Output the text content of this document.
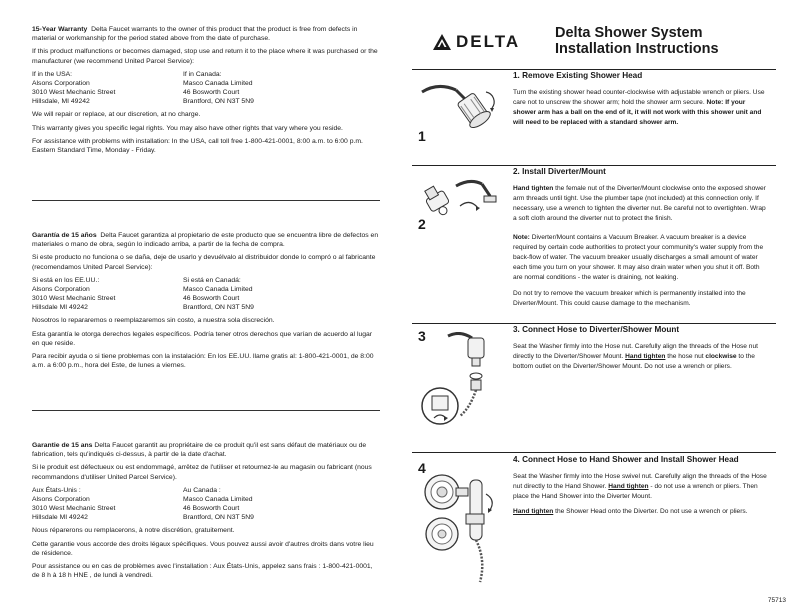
15-Year Warranty Delta Faucet warrants to the owner of this product that the product is free from defects in material or workmanship for the period stated above from the date of purchase.

If this product malfunctions or becomes damaged, stop use and return it to the place where it was purchased or the manufacturer (we recommend United Parcel Service):

If in the USA:
Alsons Corporation
3010 West Mechanic Street
Hillsdale, MI 49242
If in Canada:
Masco Canada Limited
46 Bosworth Court
Brantford, ON N3T 5N9

We will repair or replace, at our discretion, at no charge.

This warranty gives you specific legal rights. You may also have other rights that vary where you reside.

For assistance with problems with installation: In the USA, call toll free 1-800-421-0001, 8:00 a.m. to 6:00 p.m. Eastern Standard Time, Monday - Friday.

Garantía de 15 años Delta Faucet garantiza al propietario de este producto que se encuentra libre de defectos en materiales o mano de obra, según lo indicado arriba, a partir de la fecha de compra.

Si este producto no funciona o se daña, deje de usarlo y devuélvalo al distribuidor donde lo compró o al fabricante (recomendamos United Parcel Service):

Si está en los EE.UU.:
Alsons Corporation
3010 West Mechanic Street
Hillsdale MI 49242
Si está en Canadá:
Masco Canada Limited
46 Bosworth Court
Brantford, ON N3T 5N9

Nosotros lo repararemos o reemplazaremos sin costo, a nuestra sola discreción.

Esta garantía le otorga derechos legales específicos. Podría tener otros derechos que varían de acuerdo al lugar en que reside.

Para recibir ayuda o si tiene problemas con la instalación: En los EE.UU. llame gratis al: 1-800-421-0001, de 8:00 a.m. a 6:00 p.m., hora del Este, de lunes a viernes.

Garantie de 15 ans Delta Faucet garantit au propriétaire de ce produit qu'il est sans défaut de matériaux ou de fabrication, tels qu'indiqués ci-dessus, à partir de la date d'achat.

Si le produit est défectueux ou est endommagé, arrêtez de l'utiliser et retournez-le au magasin ou fabricant (nous recommandons d'utiliser United Parcel Service).

Aux États-Unis :
Alsons Corporation
3010 West Mechanic Street
Hillsdale MI 49242
Au Canada :
Masco Canada Limited
46 Bosworth Court
Brantford, ON N3T 5N9

Nous réparerons ou remplacerons, à notre discrétion, gratuitement.

Cette garantie vous accorde des droits légaux spécifiques. Vous pouvez aussi avoir d'autres droits dans votre lieu de résidence.

Pour assistance ou en cas de problèmes avec l'installation : Aux États-Unis, appelez sans frais : 1-800-421-0001, de 8 h à 18 h HNE , de lundi à vendredi.

DELTA Delta Shower System
Installation Instructions
1
1. Remove Existing Shower Head

Turn the existing shower head counter-clockwise with adjustable wrench or pliers. Use care not to unscrew the shower arm; hold the shower arm secure. Note: If your shower arm has a ball on the end of it, it will not work with this shower unit and will need to be replaced with a standard shower arm.

2
2. Install Diverter/Mount

Hand tighten the female nut of the Diverter/Mount clockwise onto the exposed shower arm threads until tight. Use the plumber tape (not included) at this connection only. If necessary, use a wrench to tighten the diverter nut. Be careful not to overtighten. Wrap a soft cloth around the diverter nut to protect the finish.

Note: Diverter/Mount contains a Vacuum Breaker. A vacuum breaker is a device required by certain code authorities to protect your community's water supply from the back-flow of water. The vacuum breaker usually discharges a small amount of water each time you turn on your shower. It may also drain water when you shut it off. Both are normal conditions - the water is draining, not leaking.

Do not try to remove the vacuum breaker which is permanently installed into the Diverter/Mount. This could cause damage to the mechanism.

3	3. Connect Hose to Diverter/Shower Mount

Seat the Washer firmly into the Hose nut. Carefully align the threads of the Hose nut directly to the Diverter/Shower Mount. Hand tighten the hose nut clockwise to the bottom outlet on the Diverter/Shower Mount. Do not use a wrench or pliers.

4
4. Connect Hose to Hand Shower and Install Shower Head

Seat the Washer firmly into the Hose swivel nut. Carefully align the threads of the Hose nut directly to the Hand Shower. Hand tighten - do not use a wrench or pliers. Then place the Hand Shower into the Diverter Mount.

Hand tighten the Shower Head onto the Diverter. Do not use a wrench or pliers.

75713
